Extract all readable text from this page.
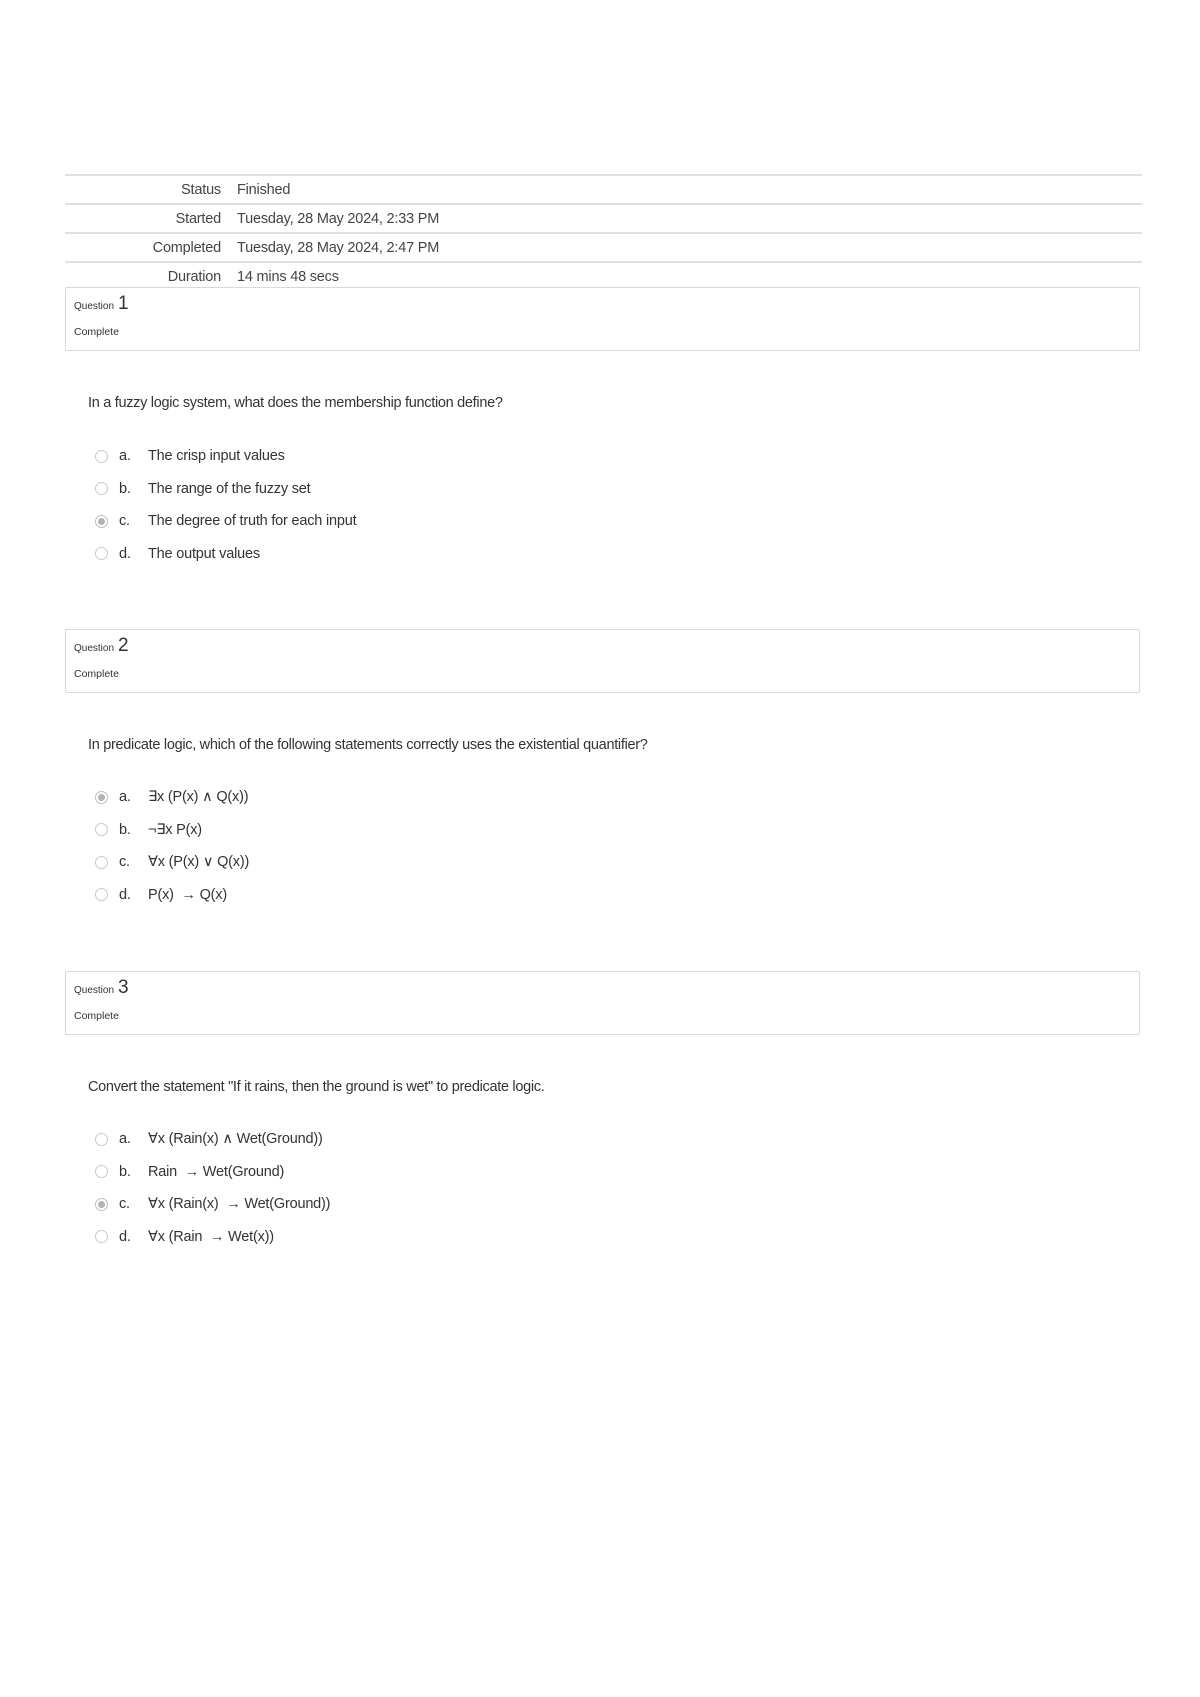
Status	Finished
Started	Tuesday, 28 May 2024, 2:33 PM
Completed	Tuesday, 28 May 2024, 2:47 PM
Duration	14 mins 48 secs
Question 1
Complete
In a fuzzy logic system, what does the membership function define?
a.	The crisp input values
b.	The range of the fuzzy set
c.	The degree of truth for each input
d.	The output values
Question 2
Complete
In predicate logic, which of the following statements correctly uses the existential quantifier?
a.	∃x (P(x) ∧ Q(x))
b.	¬∃x P(x)
c.	∀x (P(x) ∨ Q(x))
d.	P(x)  → Q(x)
Question 3
Complete
Convert the statement "If it rains, then the ground is wet" to predicate logic.
a.	∀x (Rain(x) ∧ Wet(Ground))
b.	Rain  → Wet(Ground)
c.	∀x (Rain(x)  → Wet(Ground))
d.	∀x (Rain  → Wet(x))
